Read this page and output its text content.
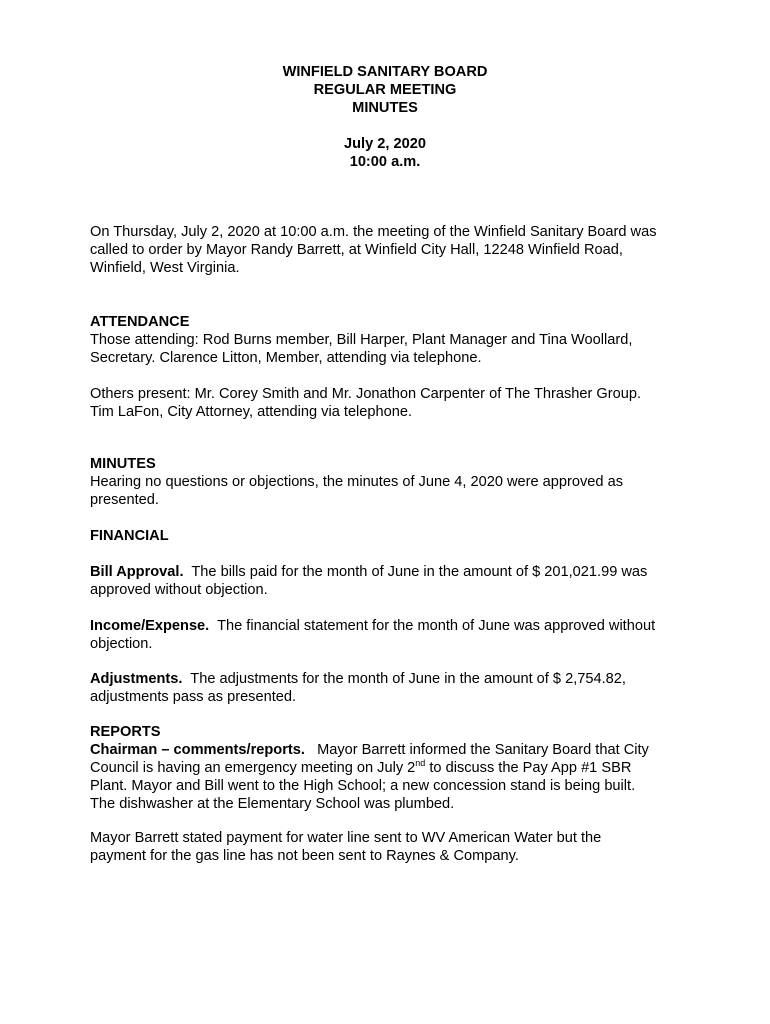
WINFIELD SANITARY BOARD
REGULAR MEETING
MINUTES
July 2, 2020
10:00 a.m.

On Thursday, July 2, 2020 at 10:00 a.m. the meeting of the Winfield Sanitary Board was

called to order by Mayor Randy Barrett, at Winfield City Hall, 12248 Winfield Road,

Winfield, West Virginia.

ATTENDANCE

Those attending: Rod Burns member, Bill Harper, Plant Manager and Tina Woollard,

Secretary. Clarence Litton, Member, attending via telephone.

Others present: Mr. Corey Smith and Mr. Jonathon Carpenter of The Thrasher Group.

Tim LaFon, City Attorney, attending via telephone.

MINUTES

Hearing no questions or objections, the minutes of June 4, 2020 were approved as

presented.

FINANCIAL

Bill Approval.  The bills paid for the month of June in the amount of $ 201,021.99 was

approved without objection.

Income/Expense.  The financial statement for the month of June was approved without

objection.

Adjustments.  The adjustments for the month of June in the amount of $ 2,754.82,

adjustments pass as presented.

REPORTS

Chairman – comments/reports.   Mayor Barrett informed the Sanitary Board that City

Council is having an emergency meeting on July 2nd to discuss the Pay App #1 SBR

Plant. Mayor and Bill went to the High School; a new concession stand is being built.

The dishwasher at the Elementary School was plumbed.

Mayor Barrett stated payment for water line sent to WV American Water but the

payment for the gas line has not been sent to Raynes & Company.
